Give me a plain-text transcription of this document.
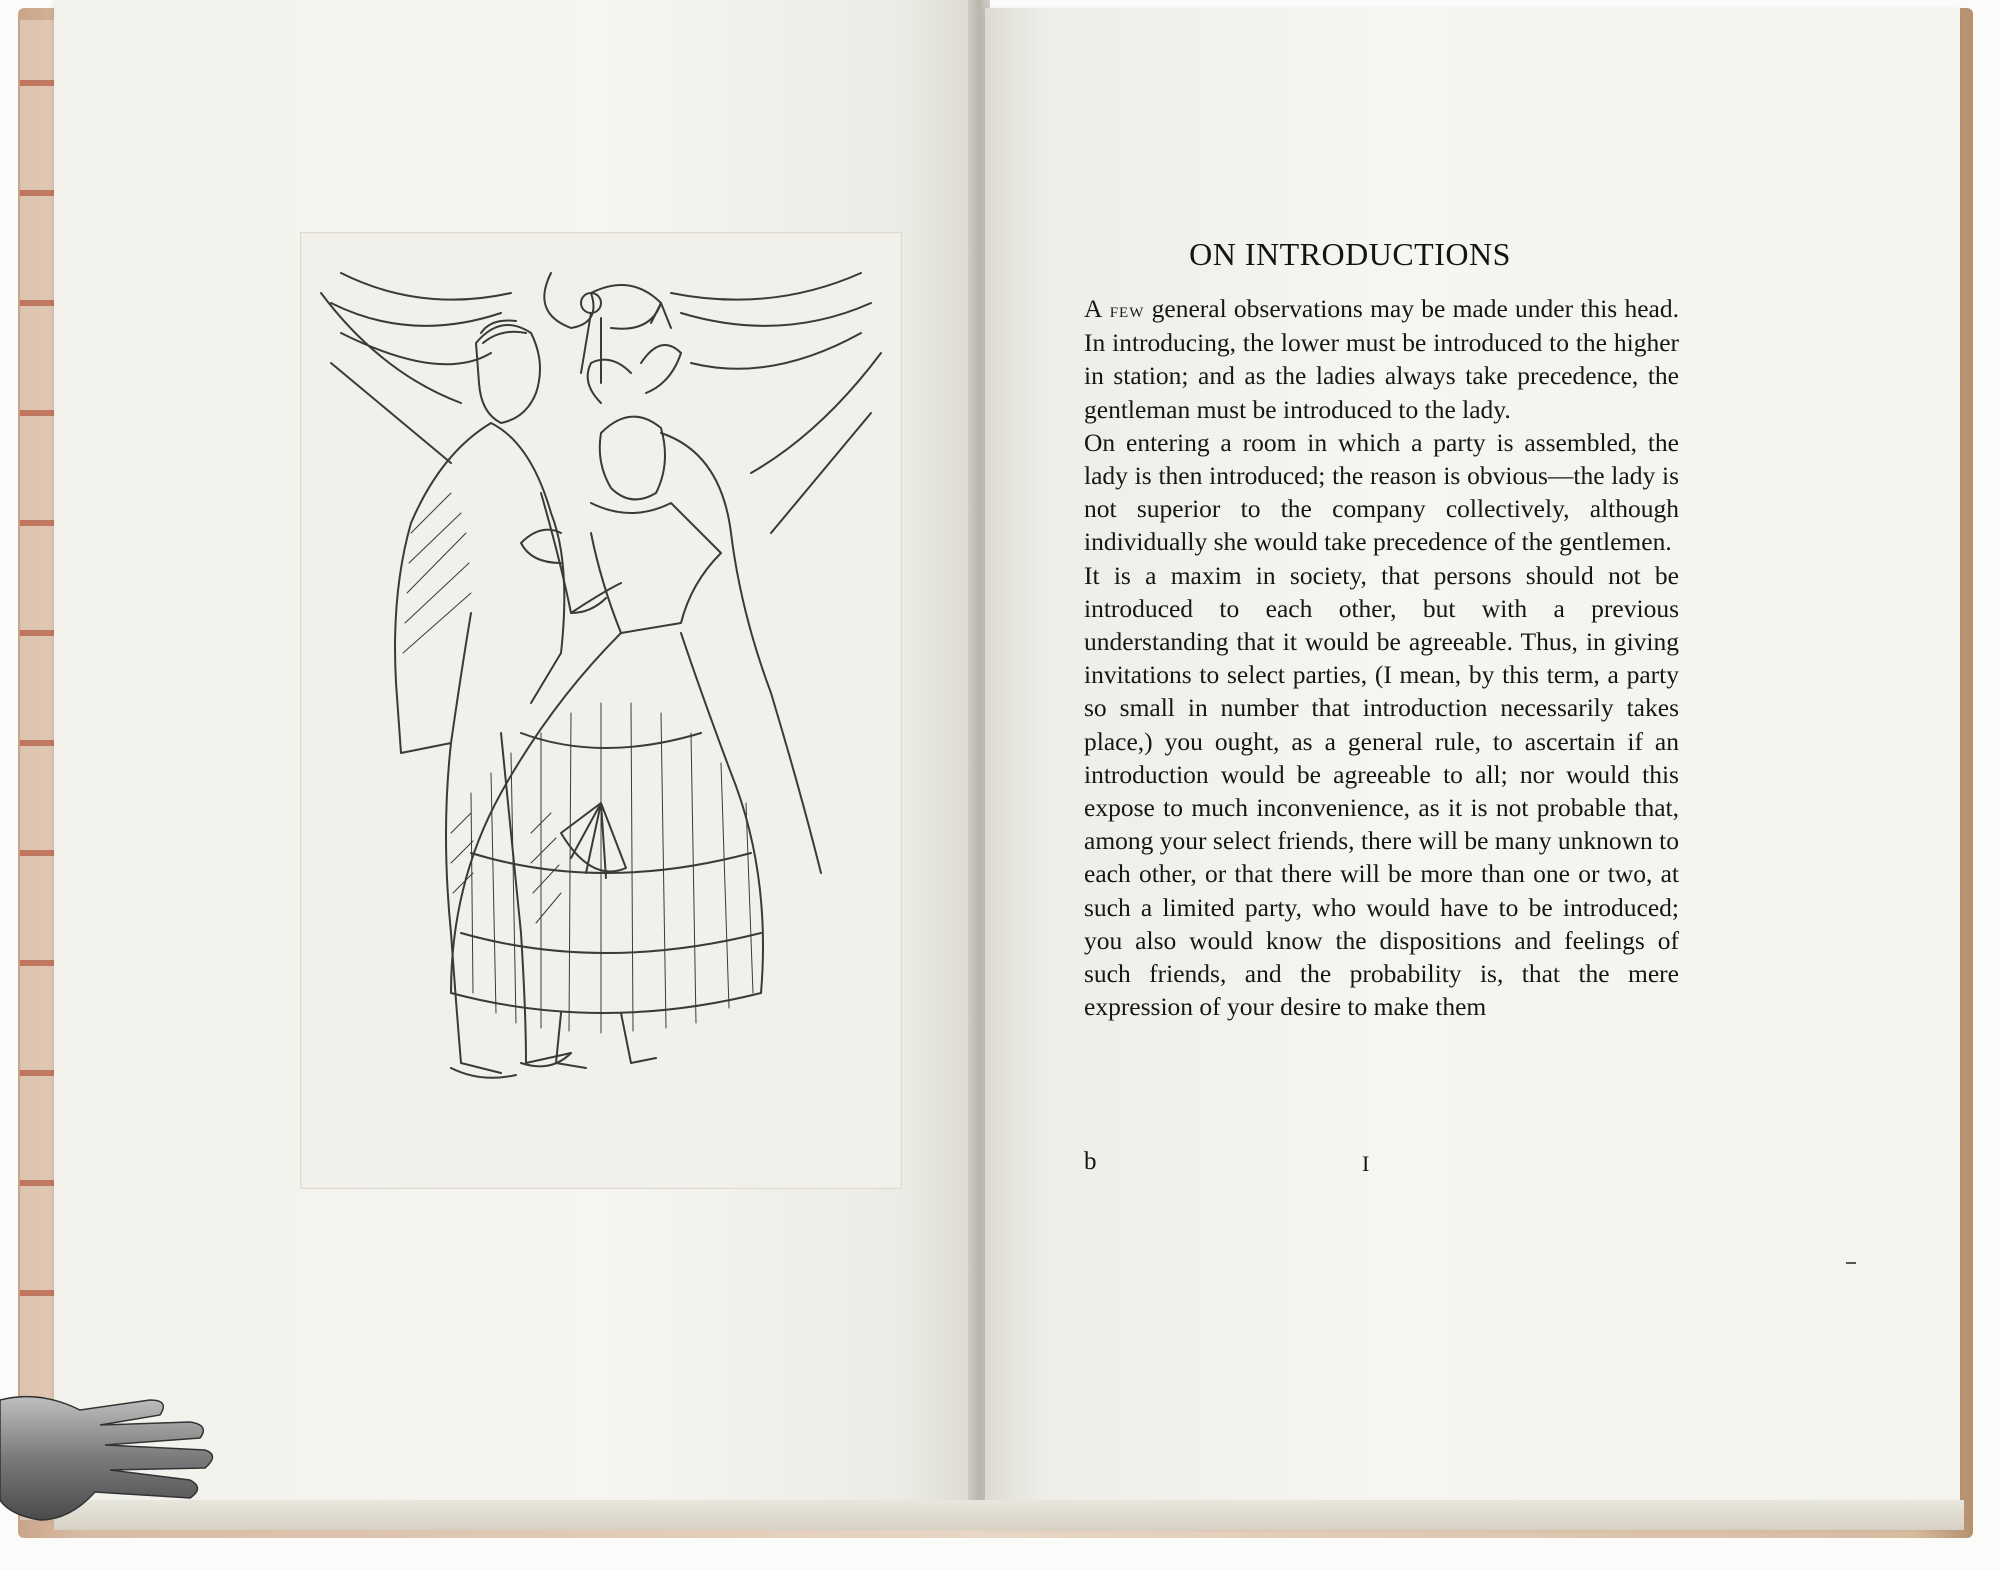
ON INTRODUCTIONS
A few general observations may be made under this head. In introducing, the lower must be introduced to the higher in station; and as the ladies always take precedence, the gentleman must be introduced to the lady.
On entering a room in which a party is assembled, the lady is then introduced; the reason is obvious—the lady is not superior to the company collectively, although individually she would take precedence of the gentlemen.
It is a maxim in society, that persons should not be introduced to each other, but with a previous understanding that it would be agreeable. Thus, in giving invitations to select parties, (I mean, by this term, a party so small in number that introduction necessarily takes place,) you ought, as a general rule, to ascertain if an introduction would be agreeable to all; nor would this expose to much inconvenience, as it is not probable that, among your select friends, there will be many unknown to each other, or that there will be more than one or two, at such a limited party, who would have to be introduced; you also would know the dispositions and feelings of such friends, and the probability is, that the mere expression of your desire to make them
b	I
